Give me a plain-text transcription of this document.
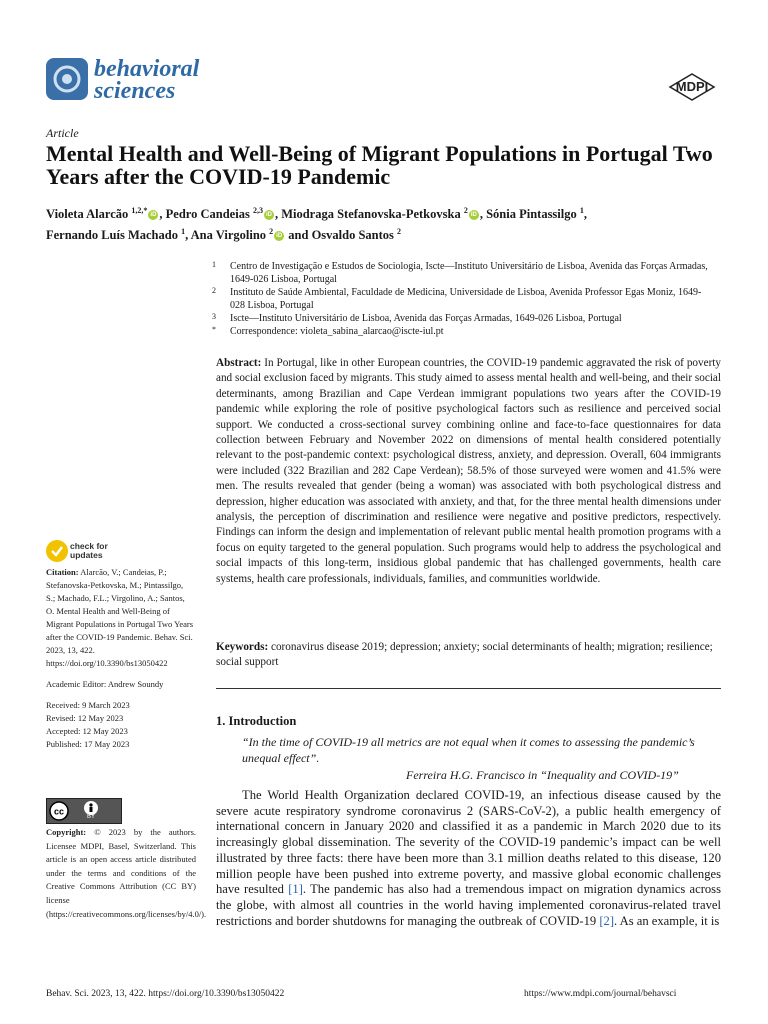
behavioral
sciences	MDPI
Article
Mental Health and Well-Being of Migrant Populations in Portugal Two Years after the COVID-19 Pandemic
Violeta Alarcão $^{1,2,*}$iD , Pedro Candeias $^{2,3}$iD , Miodraga Stefanovska-Petkovska $^2$iD , Sónia Pintassilgo $^1$,
Fernando Luís Machado $^1$, Ana Virgolino $^2$iD and Osvaldo Santos $^2$
1 Centro de Investigação e Estudos de Sociologia, Iscte—Instituto Universitário de Lisboa, Avenida das Forças Armadas, 1649-026 Lisboa, Portugal
2 Instituto de Saúde Ambiental, Faculdade de Medicina, Universidade de Lisboa, Avenida Professor Egas Moniz, 1649-028 Lisboa, Portugal
3 Iscte—Instituto Universitário de Lisboa, Avenida das Forças Armadas, 1649-026 Lisboa, Portugal
* Correspondence: violeta_sabina_alarcao@iscte-iul.pt
Abstract: In Portugal, like in other European countries, the COVID-19 pandemic aggravated the risk of poverty and social exclusion faced by migrants. This study aimed to assess mental health and well-being, and their social determinants, among Brazilian and Cape Verdean immigrant populations two years after the COVID-19 pandemic while exploring the role of positive psychological factors such as resilience and perceived social support. We conducted a cross-sectional survey combining online and face-to-face questionnaires for data collection between February and November 2022 on dimensions of mental health considered potentially relevant to the post-pandemic context: psychological distress, anxiety, and depression. Overall, 604 immigrants were included (322 Brazilian and 282 Cape Verdean); 58.5% of those surveyed were women and 41.5% were men. The results revealed that gender (being a woman) was associated with both psychological distress and depression, higher education was associated with anxiety, and that, for the three mental health dimensions under analysis, the perception of discrimination and resilience were negative and positive predictors, respectively. Findings can inform the design and implementation of relevant public mental health promotion programs with a focus on equity targeted to the general population. Such programs would help to address the psychological and social impacts of this long-term, insidious global pandemic that has challenged governments, health care systems, health care professionals, individuals, families, and communities worldwide.
Keywords: coronavirus disease 2019; depression; anxiety; social determinants of health; migration; resilience; social support
check for
updates

Citation: Alarcão, V.; Candeias, P.; Stefanovska-Petkovska, M.; Pintassilgo, S.; Machado, F.L.; Virgolino, A.; Santos, O. Mental Health and Well-Being of Migrant Populations in Portugal Two Years after the COVID-19 Pandemic. Behav. Sci. 2023, 13, 422. https://doi.org/10.3390/bs13050422

Academic Editor: Andrew Soundy

Received: 9 March 2023

Revised: 12 May 2023

Accepted: 12 May 2023

Published: 17 May 2023

cc
BY
Copyright: © 2023 by the authors. Licensee MDPI, Basel, Switzerland. This article is an open access article distributed under the terms and conditions of the Creative Commons Attribution (CC BY) license (https://creativecommons.org/licenses/by/4.0/).
1. Introduction
“In the time of COVID-19 all metrics are not equal when it comes to assessing the pandemic’s unequal effect”.
Ferreira H.G. Francisco in “Inequality and COVID-19”
The World Health Organization declared COVID-19, an infectious disease caused by the severe acute respiratory syndrome coronavirus 2 (SARS-CoV-2), a public health emergency of international concern in January 2020 and classified it as a pandemic in March 2020 due to its increasingly global dissemination. The severity of the COVID-19 pandemic’s impact can be well illustrated by three facts: there have been more than 3.1 million deaths related to this disease, 120 million people have been pushed into extreme poverty, and massive global economic challenges have resulted [1]. The pandemic has also had a tremendous impact on migration dynamics across the globe, with almost all countries in the world having implemented coronavirus-related travel restrictions and border shutdowns for managing the outbreak of COVID-19 [2]. As an example, it is
Behav. Sci. 2023, 13, 422. https://doi.org/10.3390/bs13050422	https://www.mdpi.com/journal/behavsci
